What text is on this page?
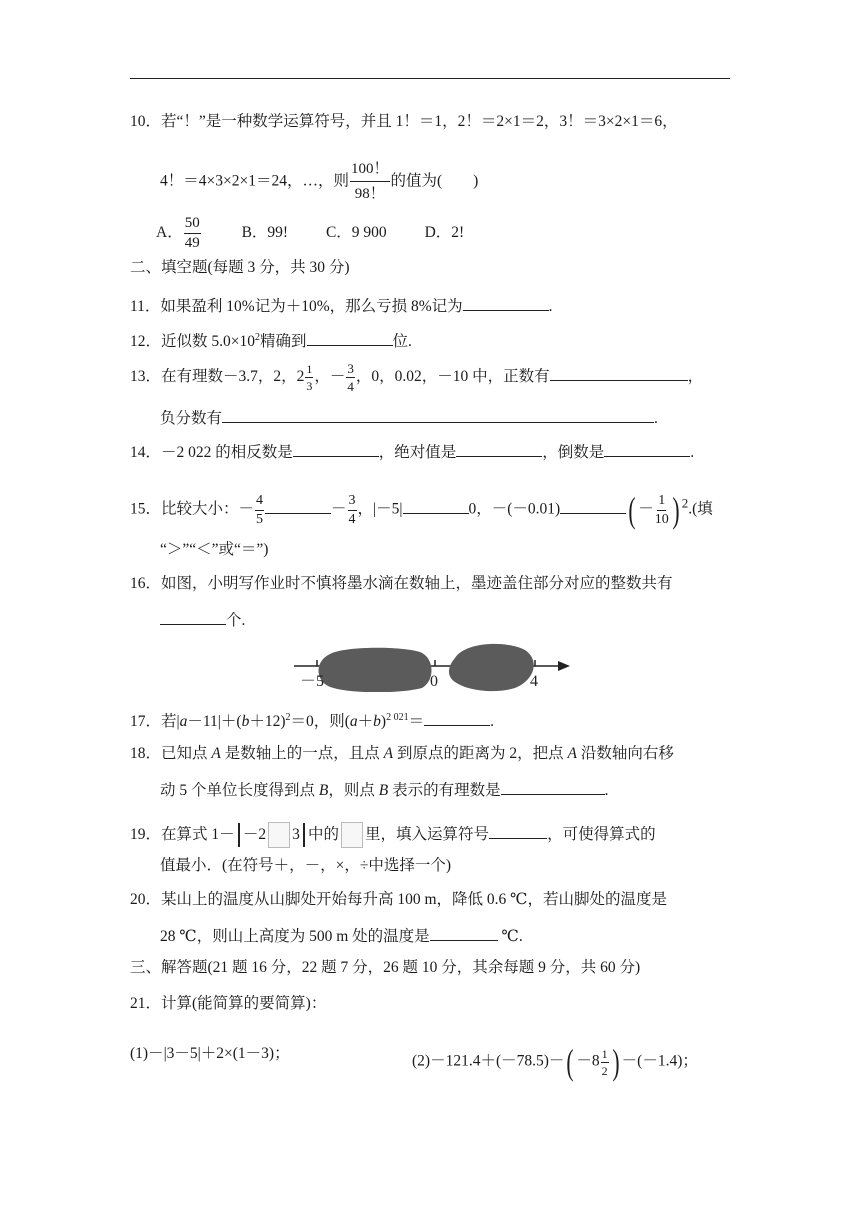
10．若“！”是一种数学运算符号，并且 1！＝1，2！＝2×1＝2，3！＝3×2×1＝6，
4！＝4×3×2×1＝24，…，则 $\frac{100!}{98!}$ 的值为(　　)
A． $\frac{50}{49}$	B．99! C．9 900 D．2!
二、填空题(每题 3 分，共 30 分)
11．如果盈利 10%记为＋10%，那么亏损 8%记为	.
12．近似数 $5.0\times 10^2$精确到	位.
13．在有理数－3.7，2，$2 \frac{1}{3}$ ，－ $\frac{3}{4}$ ，0，0.02，－10 中，正数有	，
负分数有	.
14．－2 022 的相反数是	，绝对值是	，倒数是	.
15．比较大小：－ $\frac{4}{5}$	－ $\frac{3}{4}$ ，|－5|	0，－(－0.01) ( － $\frac{1}{10}$ ) $^2$.(填
“＞”“＜”或“＝”)
16．如图，小明写作业时不慎将墨水滴在数轴上，墨迹盖住部分对应的整数共有
个.
－5	0	4
17．若$|a-11|+(b+12)^2=0$，则$(a+b)^{2 021}=$	.
18．已知点 A 是数轴上的一点，且点 A 到原点的距离为 2，把点 A 沿数轴向右移
动 5 个单位长度得到点 B，则点 B 表示的有理数是	.
19．在算式 1－ －2 3 中的 里，填入运算符号	，可使得算式的
值最小．(在符号＋，－，×，÷中选择一个)
20．某山上的温度从山脚处开始每升高 100 m，降低 0.6 ℃，若山脚处的温度是
28 ℃，则山上高度为 500 m 处的温度是	℃.
三、解答题(21 题 16 分，22 题 7 分，26 题 10 分，其余每题 9 分，共 60 分)
21．计算(能简算的要简算)：
(1)－|3－5|＋2×(1－3)；	$(2)-121.4+(-78.5)-( -8 \frac{1}{2}$ ) －(－1.4)；
